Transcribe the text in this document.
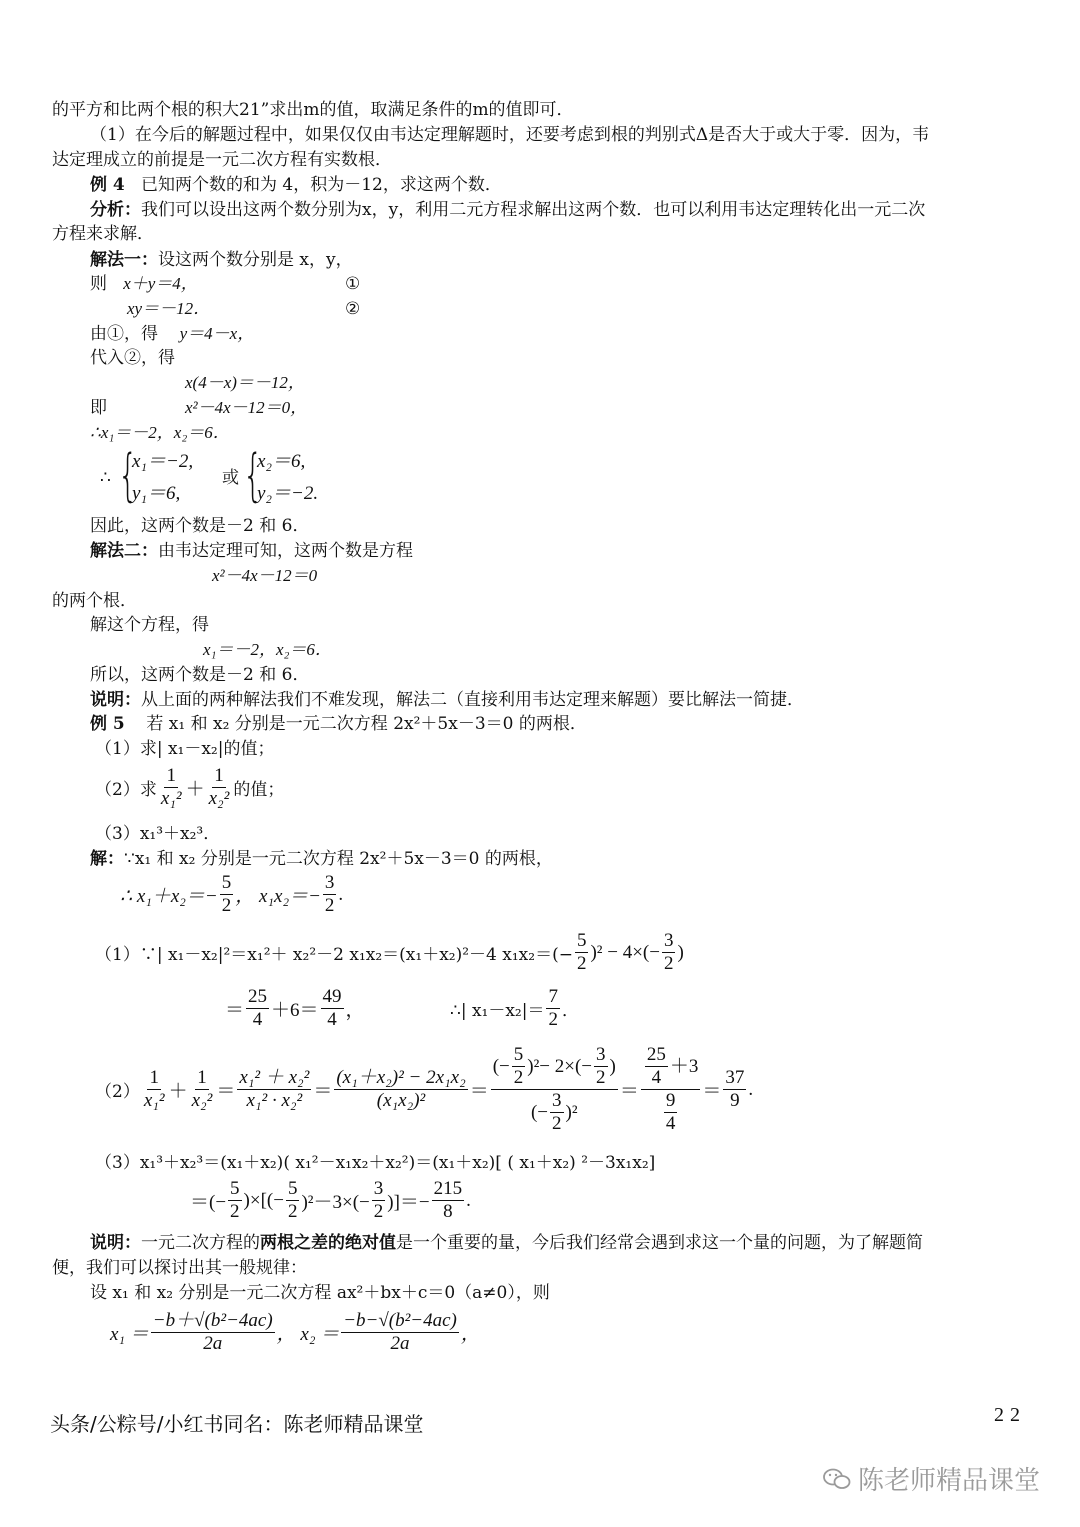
的平方和比两个根的积大21”求出m的值，取满足条件的m的值即可．
（1）在今后的解题过程中，如果仅仅由韦达定理解题时，还要考虑到根的判别式Δ是否大于或大于零．因为，韦
达定理成立的前提是一元二次方程有实数根．
例 4 已知两个数的和为 4，积为－12，求这两个数．
分析：我们可以设出这两个数分别为x，y，利用二元方程求解出这两个数．也可以利用韦达定理转化出一元二次
方程来求解．
解法一：设这两个数分别是 x，y，
则 x＋y＝4，	①
xy＝－12．	②
由①，得 y＝4－x，
代入②，得
x(4－x)＝－12，
即	x²－4x－12＝0，
∴x₁＝－2，x₂＝6．
∴ {
x₁＝−2,
y₁＝6,
或 {
x₂＝6,
y₂＝−2.
因此，这两个数是－2 和 6．
解法二：由韦达定理可知，这两个数是方程
x²－4x－12＝0
的两个根．
解这个方程，得
x₁＝－2，x₂＝6．
所以，这两个数是－2 和 6．
说明：从上面的两种解法我们不难发现，解法二（直接利用韦达定理来解题）要比解法一简捷．
例 5 若 x₁ 和 x₂ 分别是一元二次方程 2x²＋5x－3＝0 的两根．
（1）求| x₁－x₂|的值；
（2）求 $\frac{1}{\text{x₁²}} + \frac{1}{\text{x₂²}}$ 的值；
（3）x₁³＋x₂³．
解：∵x₁ 和 x₂ 分别是一元二次方程 2x²＋5x－3＝0 的两根，
∴ $x_1+x_2=- \frac{5}{2}$ ， $x_1x_2=- \frac{3}{2}$ .
（1）∵| x₁－x₂|²＝x₁²＋ x₂²－2 x₁x₂＝(x₁＋x₂)²－4 $x_1x_2=(- \frac{5}{2} )^2 - 4\times(- \frac{3}{2}$ )
＝ $\frac{25}{4} +6= \frac{49}{4}$ ，	∴| $x_1-x_2|= \frac{7}{2}$ ．
$(2) \frac{1}{\text{x₁²}} + \frac{1}{\text{x₂²}} = \frac{\text{x₁² ＋ x₂²}}{\text{x₁² · x₂²}} = \frac{\text{(x₁＋x₂)² − 2x₁x₂}}{\text{(x₁x₂)²}} = \frac{(- \frac{5}{2} )^2 - 2\times(- \frac{3}{2} )}{(- \frac{3}{2} )^2} = \frac{\frac{25}{4} +3}{\frac{9}{4}} = \frac{37}{9}$ .
（3）x₁³＋x₂³＝(x₁＋x₂)( x₁²－x₁x₂＋x₂²)＝(x₁＋x₂)[ ( x₁＋x₂) ²－3x₁x₂]
＝(− $\frac{5}{2}$ )×[(− $\frac{5}{2} )^2-3\times(- \frac{3}{2}$ )]＝− $\frac{215}{8}$ .
说明：一元二次方程的两根之差的绝对值是一个重要的量，今后我们经常会遇到求这一个量的问题，为了解题简
便，我们可以探讨出其一般规律：
设 x₁ 和 x₂ 分别是一元二次方程 ax²＋bx＋c＝0（a≠0），则
$x_1 = \frac{\text{−b＋√(b²−4ac)}}{2a}$ ， $x_2 = \frac{\text{−b−√(b²−4ac)}}{2a}$ ，
头条/公粽号/小红书同名：陈老师精品课堂	22
陈老师精品课堂
